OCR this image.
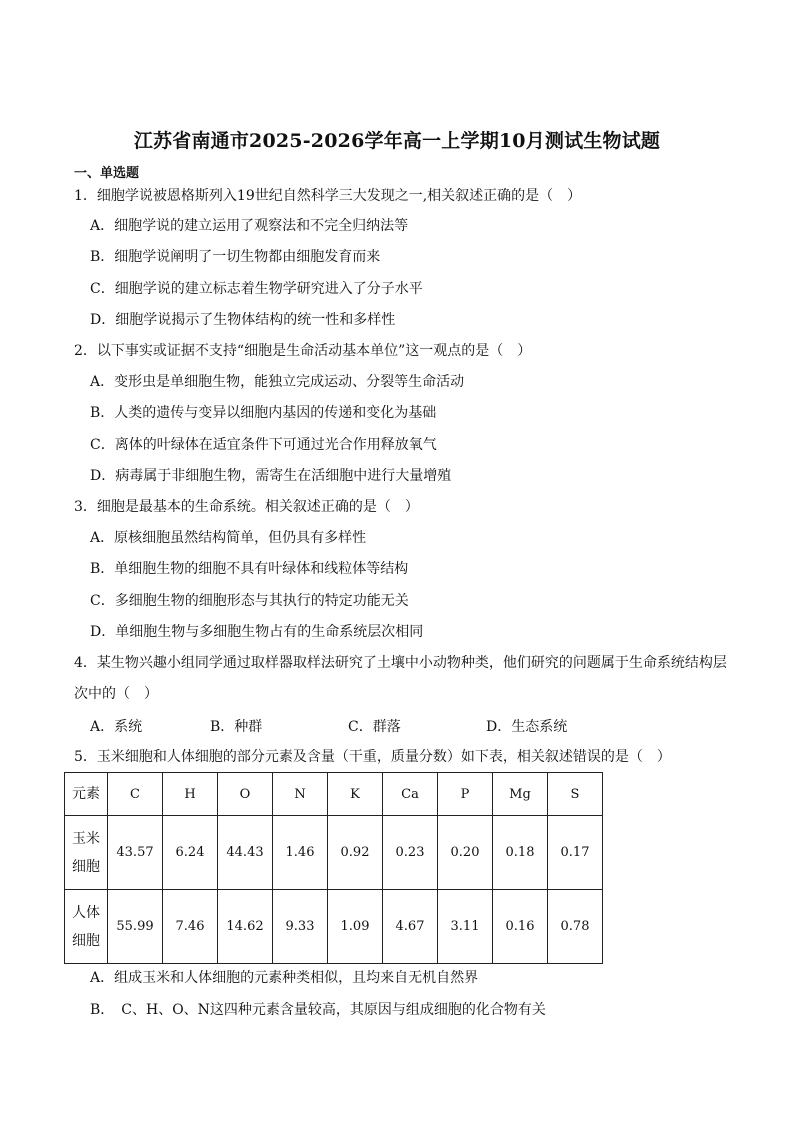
江苏省南通市2025-2026学年高一上学期10月测试生物试题
一、单选题
1．细胞学说被恩格斯列入19世纪自然科学三大发现之一,相关叙述正确的是（　）
A．细胞学说的建立运用了观察法和不完全归纳法等
B．细胞学说阐明了一切生物都由细胞发育而来
C．细胞学说的建立标志着生物学研究进入了分子水平
D．细胞学说揭示了生物体结构的统一性和多样性
2．以下事实或证据不支持“细胞是生命活动基本单位”这一观点的是（　）
A．变形虫是单细胞生物，能独立完成运动、分裂等生命活动
B．人类的遗传与变异以细胞内基因的传递和变化为基础
C．离体的叶绿体在适宜条件下可通过光合作用释放氧气
D．病毒属于非细胞生物，需寄生在活细胞中进行大量增殖
3．细胞是最基本的生命系统。相关叙述正确的是（　）
A．原核细胞虽然结构简单，但仍具有多样性
B．单细胞生物的细胞不具有叶绿体和线粒体等结构
C．多细胞生物的细胞形态与其执行的特定功能无关
D．单细胞生物与多细胞生物占有的生命系统层次相同
4．某生物兴趣小组同学通过取样器取样法研究了土壤中小动物种类，他们研究的问题属于生命系统结构层
次中的（　）
A．系统	B．种群	C．群落	D．生态系统
5．玉米细胞和人体细胞的部分元素及含量（干重，质量分数）如下表，相关叙述错误的是（　）
元素	C	H	O	N	K	Ca	P	Mg	S
玉米
细胞	43.57	6.24	44.43	1.46	0.92	0.23	0.20	0.18	0.17
人体
细胞	55.99	7.46	14.62	9.33	1.09	4.67	3.11	0.16	0.78
A．组成玉米和人体细胞的元素种类相似，且均来自无机自然界
B．　C、H、O、N这四种元素含量较高，其原因与组成细胞的化合物有关
